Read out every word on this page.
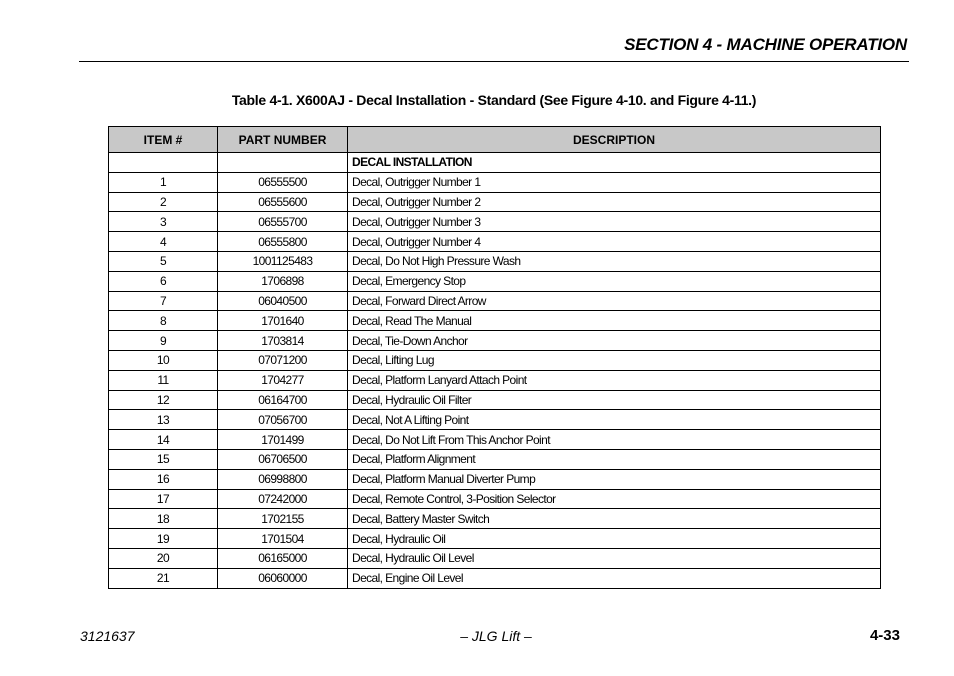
SECTION 4 - MACHINE OPERATION
Table 4-1. X600AJ - Decal Installation - Standard (See Figure 4-10. and Figure 4-11.)
ITEM #	PART NUMBER	DESCRIPTION
		DECAL INSTALLATION
1	06555500	Decal, Outrigger Number 1
2	06555600	Decal, Outrigger Number 2
3	06555700	Decal, Outrigger Number 3
4	06555800	Decal, Outrigger Number 4
5	1001125483	Decal, Do Not High Pressure Wash
6	1706898	Decal, Emergency Stop
7	06040500	Decal, Forward Direct Arrow
8	1701640	Decal, Read The Manual
9	1703814	Decal, Tie-Down Anchor
10	07071200	Decal, Lifting Lug
11	1704277	Decal, Platform Lanyard Attach Point
12	06164700	Decal, Hydraulic Oil Filter
13	07056700	Decal, Not A Lifting Point
14	1701499	Decal, Do Not Lift From This Anchor Point
15	06706500	Decal, Platform Alignment
16	06998800	Decal, Platform Manual Diverter Pump
17	07242000	Decal, Remote Control, 3-Position Selector
18	1702155	Decal, Battery Master Switch
19	1701504	Decal, Hydraulic Oil
20	06165000	Decal, Hydraulic Oil Level
21	06060000	Decal, Engine Oil Level
3121637	– JLG Lift –	4-33
